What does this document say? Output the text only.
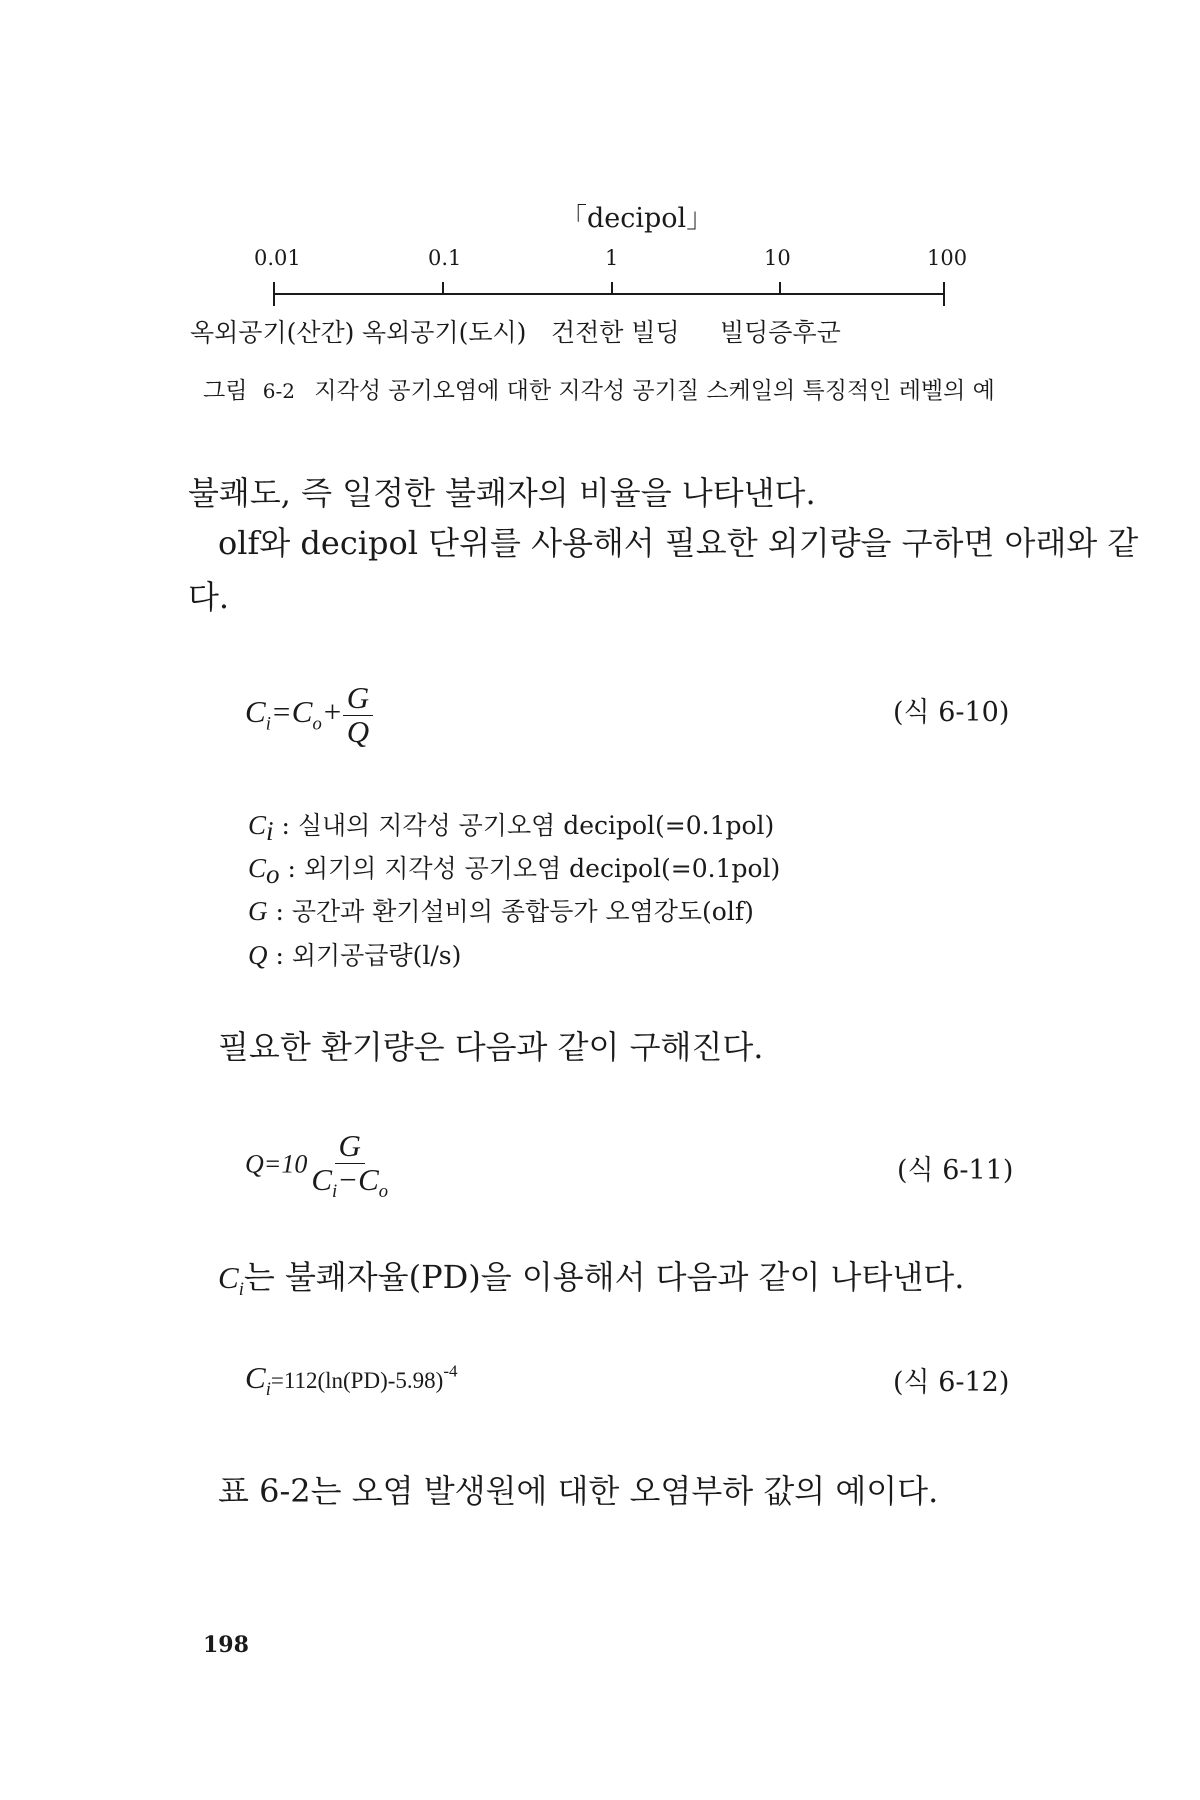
「decipol」
0.01	0.1	1	10	100
옥외공기(산간) 옥외공기(도시) 건전한 빌딩 빌딩증후군
그림 6-2 지각성 공기오염에 대한 지각성 공기질 스케일의 특징적인 레벨의 예
불쾌도, 즉 일정한 불쾌자의 비율을 나타낸다.
olf와 decipol 단위를 사용해서 필요한 외기량을 구하면 아래와 같
다.
$C_i=C_o+ \frac{G}{Q}$	(식 6-10)
$C_i$ : 실내의 지각성 공기오염 decipol(=0.1pol)
$C_o$ : 외기의 지각성 공기오염 decipol(=0.1pol)
G : 공간과 환기설비의 종합등가 오염강도(olf)
Q : 외기공급량(l/s)
필요한 환기량은 다음과 같이 구해진다.
$Q=10 \frac{G}{C_i-C_o}$	(식 6-11)
$C_i$는 불쾌자율(PD)을 이용해서 다음과 같이 나타낸다.
$C_i=112(\ln(PD)-5.98)^{-4}$	(식 6-12)
표 6-2는 오염 발생원에 대한 오염부하 값의 예이다.
198
